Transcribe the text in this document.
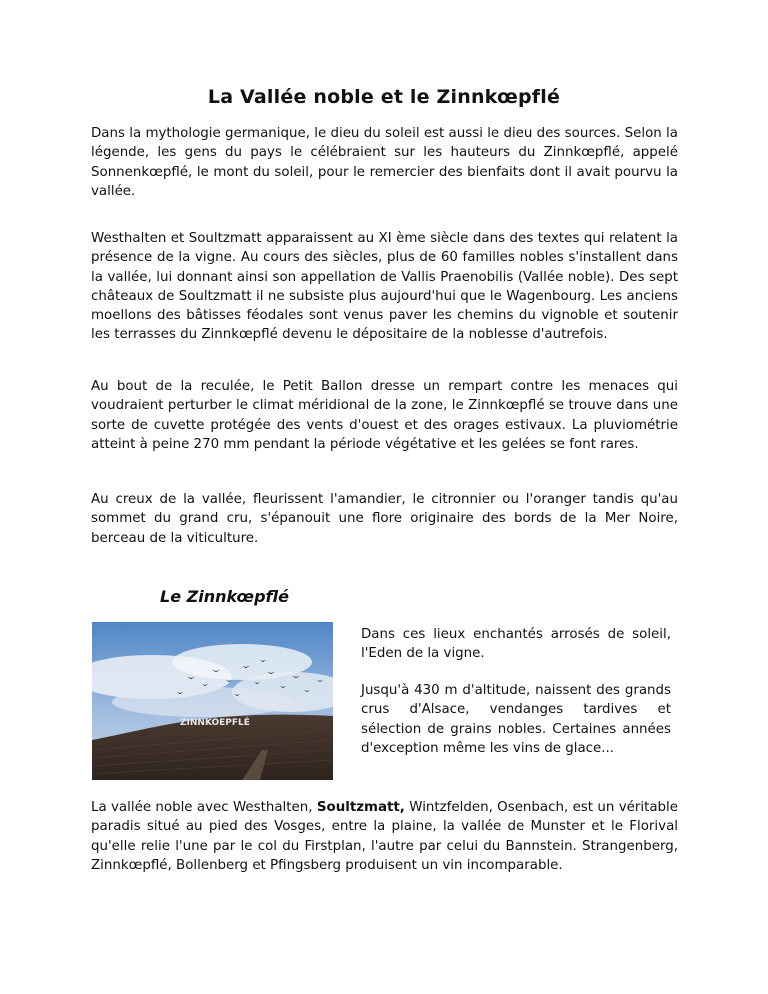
La Vallée noble et le Zinnkœpflé

Dans la mythologie germanique, le dieu du soleil est aussi le dieu des sources. Selon la légende, les gens du pays le célébraient sur les hauteurs du Zinnkœpflé, appelé Sonnenkœpflé, le mont du soleil, pour le remercier des bienfaits dont il avait pourvu la vallée.

Westhalten et Soultzmatt apparaissent au XI ème siècle dans des textes qui relatent la présence de la vigne. Au cours des siècles, plus de 60 familles nobles s'installent dans la vallée, lui donnant ainsi son appellation de Vallis Praenobilis (Vallée noble). Des sept châteaux de Soultzmatt il ne subsiste plus aujourd'hui que le Wagenbourg. Les anciens moellons des bâtisses féodales sont venus paver les chemins du vignoble et soutenir les terrasses du Zinnkœpflé devenu le dépositaire de la noblesse d'autrefois.

Au bout de la reculée, le Petit Ballon dresse un rempart contre les menaces qui voudraient perturber le climat méridional de la zone, le Zinnkœpflé se trouve dans une sorte de cuvette protégée des vents d'ouest et des orages estivaux. La pluviométrie atteint à peine 270 mm pendant la période végétative et les gelées se font rares.

Au creux de la vallée, fleurissent l'amandier, le citronnier ou l'oranger tandis qu'au sommet du grand cru, s'épanouit une flore originaire des bords de la Mer Noire, berceau de la viticulture.

Le Zinnkœpflé
ZINNKOEPFLÉ

Dans ces lieux enchantés arrosés de soleil, l'Eden de la vigne.

Jusqu'à 430 m d'altitude, naissent des grands crus d'Alsace, vendanges tardives et sélection de grains nobles. Certaines années d'exception même les vins de glace...

La vallée noble avec Westhalten, Soultzmatt, Wintzfelden, Osenbach, est un véritable paradis situé au pied des Vosges, entre la plaine, la vallée de Munster et le Florival qu'elle relie l'une par le col du Firstplan, l'autre par celui du Bannstein. Strangenberg, Zinnkœpflé, Bollenberg et Pfingsberg produisent un vin incomparable.
